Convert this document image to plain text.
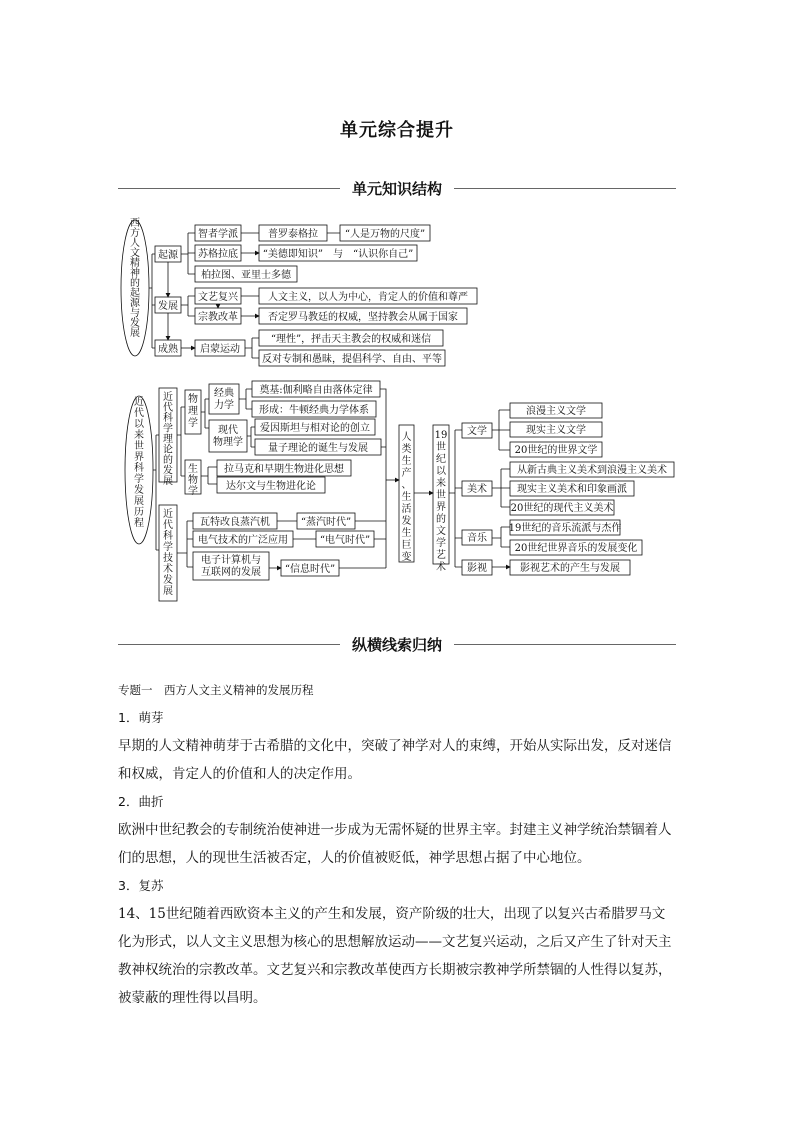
单元综合提升
单元知识结构
西方人文精神的起源与发展
起源
发展
成熟
智者学派
苏格拉底
柏拉图、亚里士多德
普罗泰格拉	“人是万物的尺度”
“美德即知识”　与　“认识你自己”
文艺复兴
宗教改革
人文主义，以人为中心，肯定人的价值和尊严
否定罗马教廷的权威，坚持教会从属于国家
启蒙运动
“理性”，抨击天主教会的权威和迷信
反对专制和愚昧，提倡科学、自由、平等
近代以来世界科学发展历程
近代科学理论的发展
近代科学技术发展
物理学
生物学
经典力学
现代物理学
奠基:伽利略自由落体定律
形成：牛顿经典力学体系
爱因斯坦与相对论的创立
量子理论的诞生与发展
拉马克和早期生物进化思想
达尔文与生物进化论
瓦特改良蒸汽机
电气技术的广泛应用
电子计算机与互联网的发展
“蒸汽时代”
“电气时代”
“信息时代”
人类生产、生活发生巨变
19 世纪以来世界的文学艺术
文学
美术
音乐
影视
浪漫主义文学
现实主义文学
20世纪的世界文学
从新古典主义美术到浪漫主义美术
现实主义美术和印象画派
20世纪的现代主义美术
19世纪的音乐流派与杰作
20世纪世界音乐的发展变化
影视艺术的产生与发展
纵横线索归纳

专题一　西方人文主义精神的发展历程

1．萌芽

早期的人文精神萌芽于古希腊的文化中，突破了神学对人的束缚，开始从实际出发，反对迷信和权威，肯定人的价值和人的决定作用。

2．曲折

欧洲中世纪教会的专制统治使神进一步成为无需怀疑的世界主宰。封建主义神学统治禁锢着人们的思想，人的现世生活被否定，人的价值被贬低，神学思想占据了中心地位。

3．复苏

14、15世纪随着西欧资本主义的产生和发展，资产阶级的壮大，出现了以复兴古希腊罗马文化为形式，以人文主义思想为核心的思想解放运动——文艺复兴运动，之后又产生了针对天主教神权统治的宗教改革。文艺复兴和宗教改革使西方长期被宗教神学所禁锢的人性得以复苏，被蒙蔽的理性得以昌明。
